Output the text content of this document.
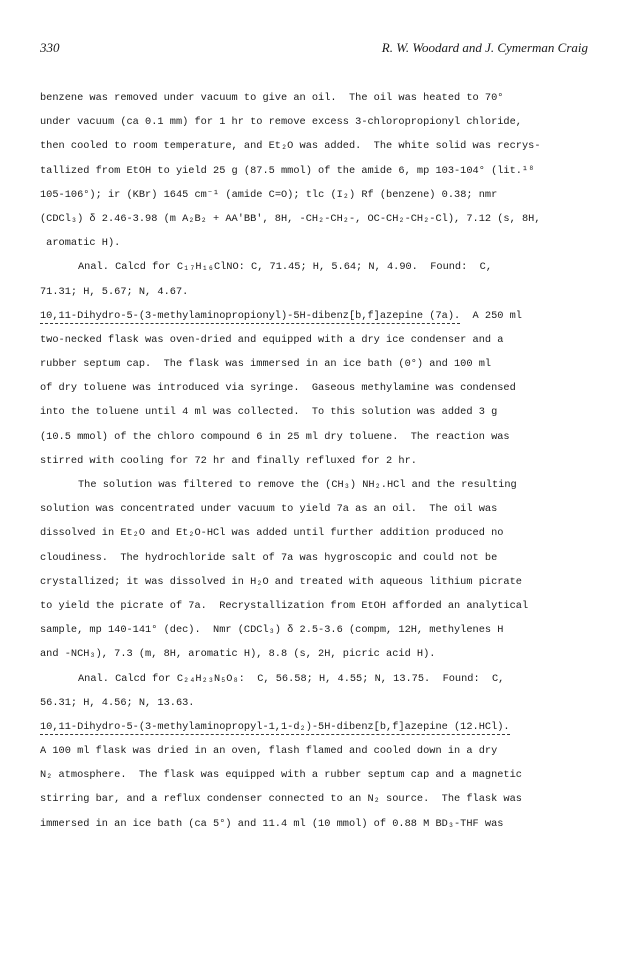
330	R. W. Woodard and J. Cymerman Craig
benzene was removed under vacuum to give an oil.  The oil was heated to 70°
under vacuum (ca 0.1 mm) for 1 hr to remove excess 3-chloropropionyl chloride,
then cooled to room temperature, and Et₂O was added.  The white solid was recrys-
tallized from EtOH to yield 25 g (87.5 mmol) of the amide 6, mp 103-104° (lit.¹⁸
105-106°); ir (KBr) 1645 cm⁻¹ (amide C=O); tlc (I₂) Rf (benzene) 0.38; nmr
(CDCl₃) δ 2.46-3.98 (m A₂B₂ + AA'BB', 8H, -CH₂-CH₂-, OC-CH₂-CH₂-Cl), 7.12 (s, 8H,
aromatic H).
Anal. Calcd for C₁₇H₁₆ClNO: C, 71.45; H, 5.64; N, 4.90.  Found:  C,
71.31; H, 5.67; N, 4.67.
10,11-Dihydro-5-(3-methylaminopropionyl)-5H-dibenz[b,f]azepine (7a).  A 250 ml
two-necked flask was oven-dried and equipped with a dry ice condenser and a
rubber septum cap.  The flask was immersed in an ice bath (0°) and 100 ml
of dry toluene was introduced via syringe.  Gaseous methylamine was condensed
into the toluene until 4 ml was collected.  To this solution was added 3 g
(10.5 mmol) of the chloro compound 6 in 25 ml dry toluene.  The reaction was
stirred with cooling for 72 hr and finally refluxed for 2 hr.
The solution was filtered to remove the (CH₃) NH₂.HCl and the resulting
solution was concentrated under vacuum to yield 7a as an oil.  The oil was
dissolved in Et₂O and Et₂O-HCl was added until further addition produced no
cloudiness.  The hydrochloride salt of 7a was hygroscopic and could not be
crystallized; it was dissolved in H₂O and treated with aqueous lithium picrate
to yield the picrate of 7a.  Recrystallization from EtOH afforded an analytical
sample, mp 140-141° (dec).  Nmr (CDCl₃) δ 2.5-3.6 (compm, 12H, methylenes H
and -NCH₃), 7.3 (m, 8H, aromatic H), 8.8 (s, 2H, picric acid H).
Anal. Calcd for C₂₄H₂₃N₅O₈:  C, 56.58; H, 4.55; N, 13.75.  Found:  C,
56.31; H, 4.56; N, 13.63.
10,11-Dihydro-5-(3-methylaminopropyl-1,1-d₂)-5H-dibenz[b,f]azepine (12.HCl).
A 100 ml flask was dried in an oven, flash flamed and cooled down in a dry
N₂ atmosphere.  The flask was equipped with a rubber septum cap and a magnetic
stirring bar, and a reflux condenser connected to an N₂ source.  The flask was
immersed in an ice bath (ca 5°) and 11.4 ml (10 mmol) of 0.88 M BD₃-THF was
